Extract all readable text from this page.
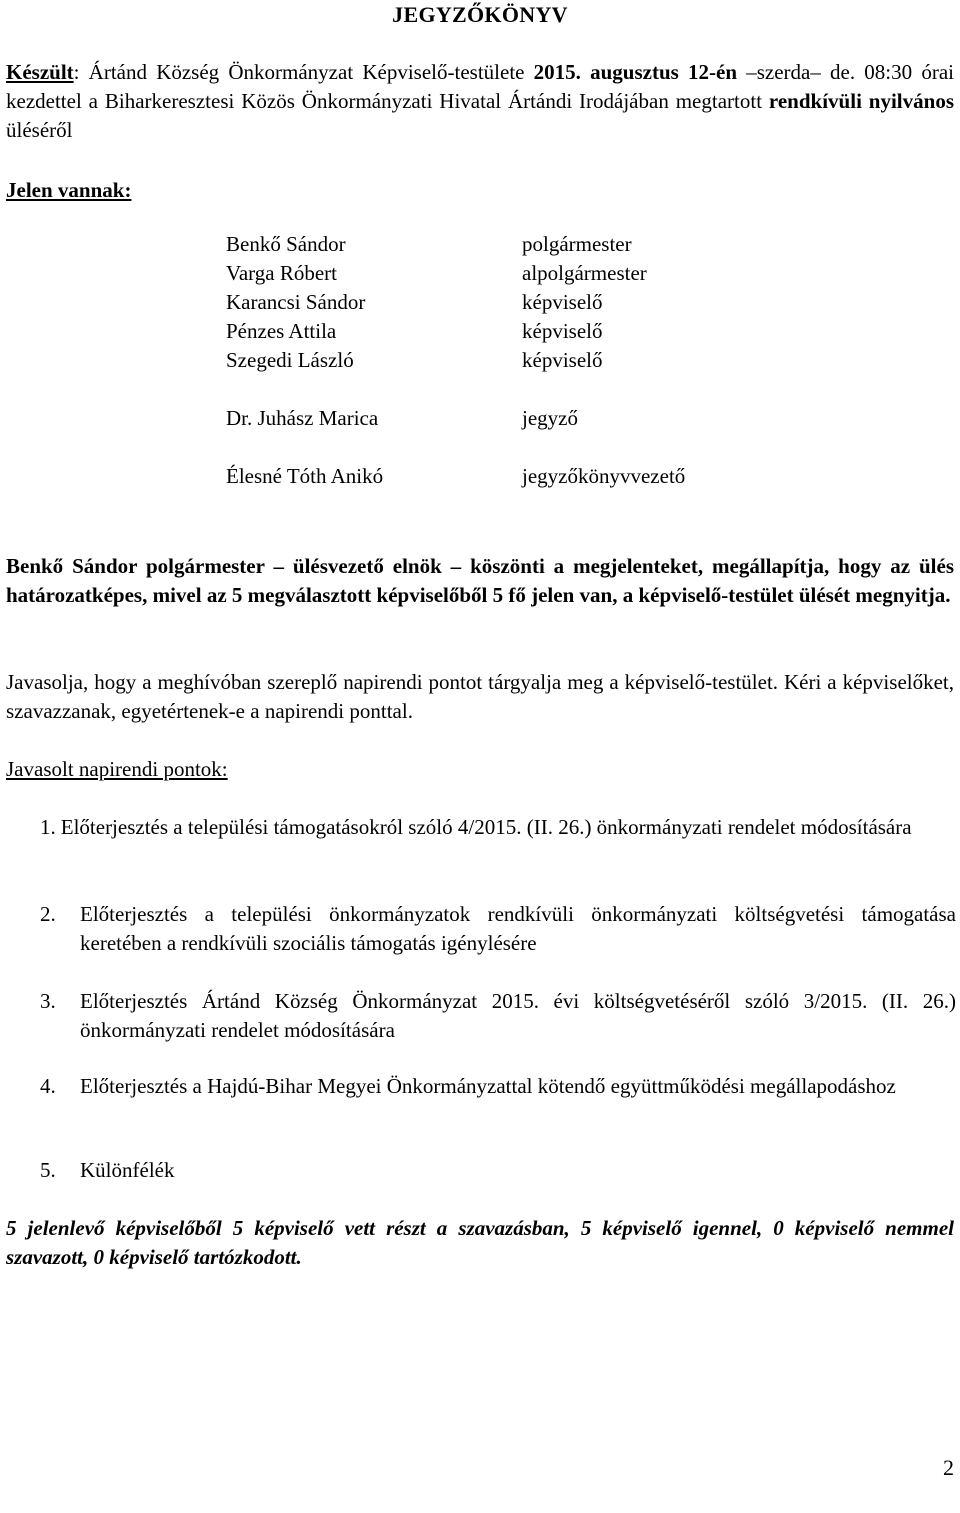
JEGYZŐKÖNYV

Készült: Ártánd Község Önkormányzat Képviselő-testülete 2015. augusztus 12-én –szerda– de. 08:30 órai kezdettel a Biharkeresztesi Közös Önkormányzati Hivatal Ártándi Irodájában megtartott rendkívüli nyilvános üléséről

Jelen vannak:
Benkő Sándor	polgármester
Varga Róbert	alpolgármester
Karancsi Sándor	képviselő
Pénzes Attila	képviselő
Szegedi László	képviselő
Dr. Juhász Marica	jegyző
Élesné Tóth Anikó	jegyzőkönyvvezető

Benkő Sándor polgármester – ülésvezető elnök – köszönti a megjelenteket, megállapítja, hogy az ülés határozatképes, mivel az 5 megválasztott képviselőből 5 fő jelen van, a képviselő-testület ülését megnyitja.

Javasolja, hogy a meghívóban szereplő napirendi pontot tárgyalja meg a képviselő-testület. Kéri a képviselőket, szavazzanak, egyetértenek-e a napirendi ponttal.

Javasolt napirendi pontok:
1. Előterjesztés a települési támogatásokról szóló 4/2015. (II. 26.) önkormányzati rendelet módosítására
2.	Előterjesztés a települési önkormányzatok rendkívüli önkormányzati költségvetési támogatása keretében a rendkívüli szociális támogatás igénylésére

3.	Előterjesztés Ártánd Község Önkormányzat 2015. évi költségvetéséről szóló 3/2015. (II. 26.) önkormányzati rendelet módosítására

4.	Előterjesztés a Hajdú-Bihar Megyei Önkormányzattal kötendő együttműködési megállapodáshoz

5.	Különfélék

5 jelenlevő képviselőből 5 képviselő vett részt a szavazásban, 5 képviselő igennel, 0 képviselő nemmel szavazott, 0 képviselő tartózkodott.

2
